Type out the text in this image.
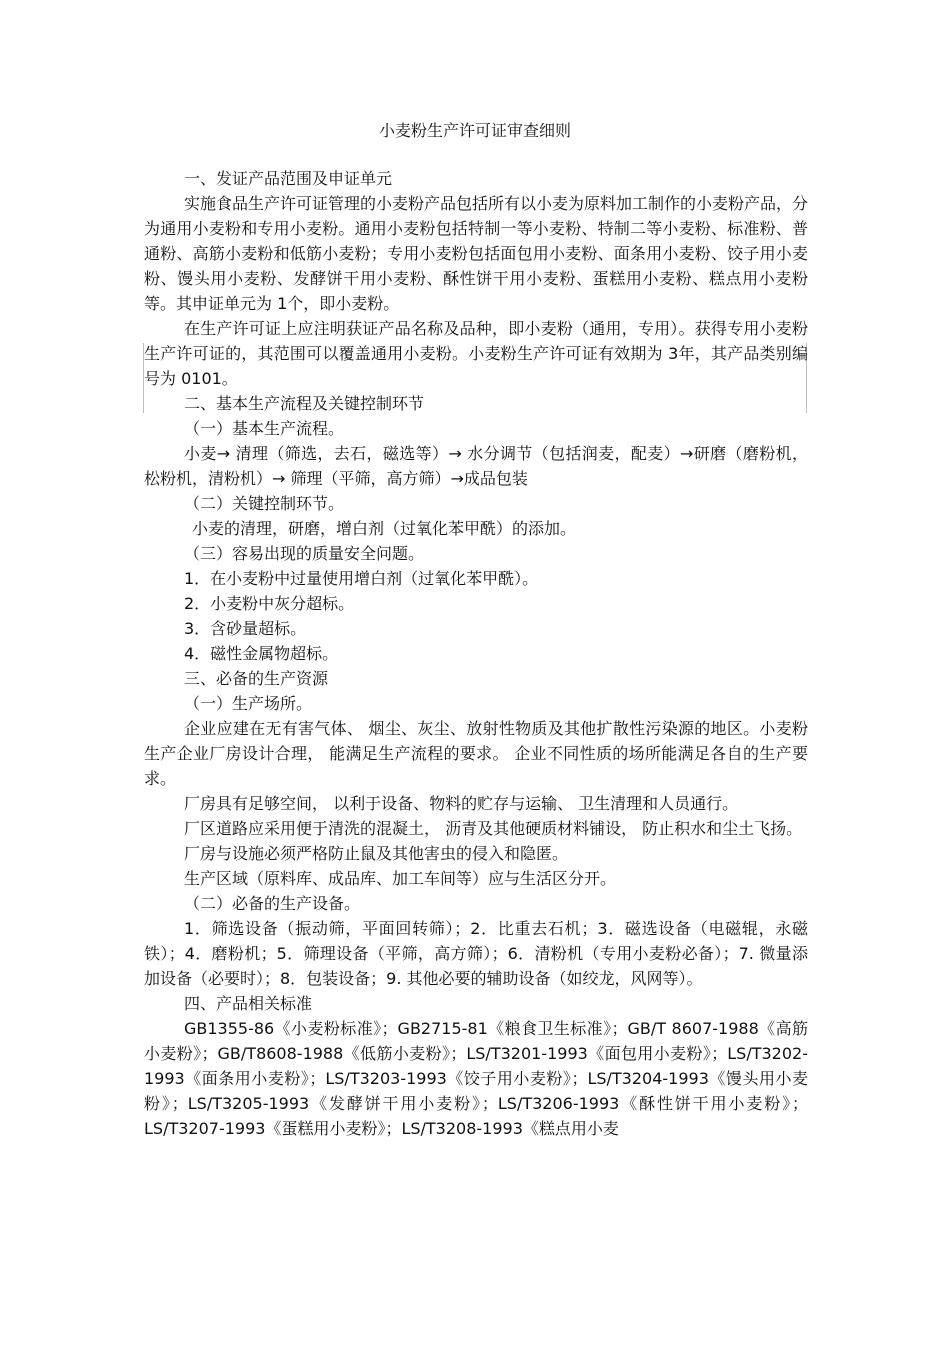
小麦粉生产许可证审查细则

一、发证产品范围及申证单元

实施食品生产许可证管理的小麦粉产品包括所有以小麦为原料加工制作的小麦粉产品，分为通用小麦粉和专用小麦粉。通用小麦粉包括特制一等小麦粉、特制二等小麦粉、标准粉、普通粉、高筋小麦粉和低筋小麦粉；专用小麦粉包括面包用小麦粉、面条用小麦粉、饺子用小麦粉、馒头用小麦粉、发酵饼干用小麦粉、酥性饼干用小麦粉、蛋糕用小麦粉、糕点用小麦粉等。其申证单元为 1个，即小麦粉。

在生产许可证上应注明获证产品名称及品种，即小麦粉（通用，专用）。获得专用小麦粉生产许可证的，其范围可以覆盖通用小麦粉。小麦粉生产许可证有效期为 3年，其产品类别编号为 0101。

二、基本生产流程及关键控制环节

（一）基本生产流程。

小麦→ 清理（筛选，去石，磁选等）→ 水分调节（包括润麦，配麦）→研磨（磨粉机，松粉机，清粉机）→ 筛理（平筛，高方筛）→成品包装

（二）关键控制环节。

小麦的清理，研磨，增白剂（过氧化苯甲酰）的添加。

（三）容易出现的质量安全问题。

1．在小麦粉中过量使用增白剂（过氧化苯甲酰）。

2．小麦粉中灰分超标。

3．含砂量超标。

4．磁性金属物超标。

三、必备的生产资源

（一）生产场所。

企业应建在无有害气体、 烟尘、灰尘、放射性物质及其他扩散性污染源的地区。小麦粉生产企业厂房设计合理， 能满足生产流程的要求。 企业不同性质的场所能满足各自的生产要求。

厂房具有足够空间， 以利于设备、物料的贮存与运输、 卫生清理和人员通行。

厂区道路应采用便于清洗的混凝土， 沥青及其他硬质材料铺设， 防止积水和尘土飞扬。

厂房与设施必须严格防止鼠及其他害虫的侵入和隐匿。

生产区域（原料库、成品库、加工车间等）应与生活区分开。

（二）必备的生产设备。

1．筛选设备（振动筛，平面回转筛）；2．比重去石机；3．磁选设备（电磁辊，永磁铁）；4．磨粉机；5．筛理设备（平筛，高方筛）；6．清粉机（专用小麦粉必备）；7. 微量添加设备（必要时）；8．包装设备；9. 其他必要的辅助设备（如绞龙，风网等）。

四、产品相关标准

GB1355-86《小麦粉标准》；GB2715-81《粮食卫生标准》；GB/T 8607-1988《高筋小麦粉》；GB/T8608-1988《低筋小麦粉》；LS/T3201-1993《面包用小麦粉》；LS/T3202-1993《面条用小麦粉》；LS/T3203-1993《饺子用小麦粉》；LS/T3204-1993《馒头用小麦粉》；LS/T3205-1993《发酵饼干用小麦粉》；LS/T3206-1993《酥性饼干用小麦粉》；LS/T3207-1993《蛋糕用小麦粉》；LS/T3208-1993《糕点用小麦
